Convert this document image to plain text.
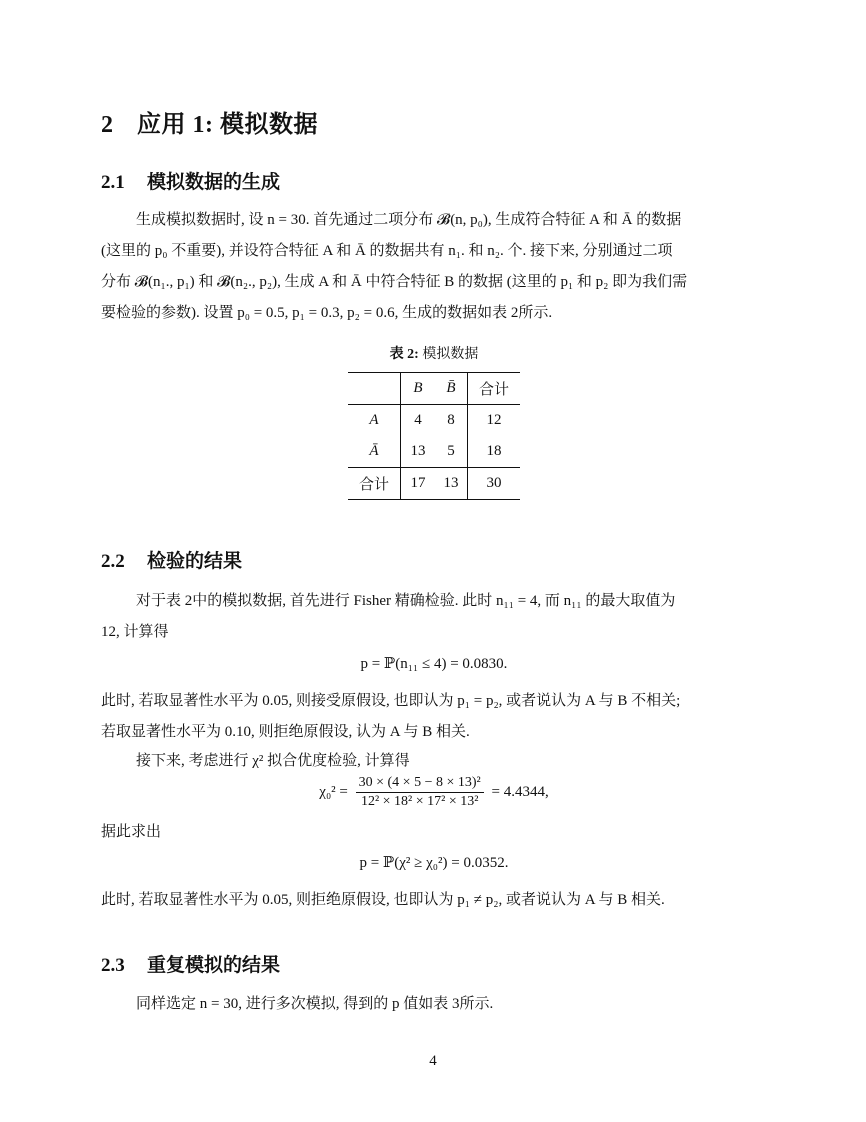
2 应用 1: 模拟数据
2.1 模拟数据的生成
生成模拟数据时, 设 n = 30. 首先通过二项分布 𝓑(n, p₀), 生成符合特征 A 和 Ā 的数据
(这里的 p₀ 不重要), 并设符合特征 A 和 Ā 的数据共有 n₁. 和 n₂. 个. 接下来, 分别通过二项
分布 𝓑(n₁., p₁) 和 𝓑(n₂., p₂), 生成 A 和 Ā 中符合特征 B 的数据 (这里的 p₁ 和 p₂ 即为我们需
要检验的参数). 设置 p₀ = 0.5, p₁ = 0.3, p₂ = 0.6, 生成的数据如表 2所示.
表 2: 模拟数据
	B	B̄	合计
A	4	8	12
Ā	13	5	18
合计	17	13	30
2.2 检验的结果
对于表 2中的模拟数据, 首先进行 Fisher 精确检验. 此时 n₁₁ = 4, 而 n₁₁ 的最大取值为
12, 计算得
p = ℙ(n₁₁ ≤ 4) = 0.0830.
此时, 若取显著性水平为 0.05, 则接受原假设, 也即认为 p₁ = p₂, 或者说认为 A 与 B 不相关;
若取显著性水平为 0.10, 则拒绝原假设, 认为 A 与 B 相关.
接下来, 考虑进行 χ² 拟合优度检验, 计算得
$\chi_0^2 = \frac{\text{30 × (4 × 5 − 8 × 13)²}}{\text{12² × 18² × 17² × 13²}} = 4.4344$,
据此求出
p = ℙ(χ² ≥ χ₀²) = 0.0352.
此时, 若取显著性水平为 0.05, 则拒绝原假设, 也即认为 p₁ ≠ p₂, 或者说认为 A 与 B 相关.
2.3 重复模拟的结果
同样选定 n = 30, 进行多次模拟, 得到的 p 值如表 3所示.
4
